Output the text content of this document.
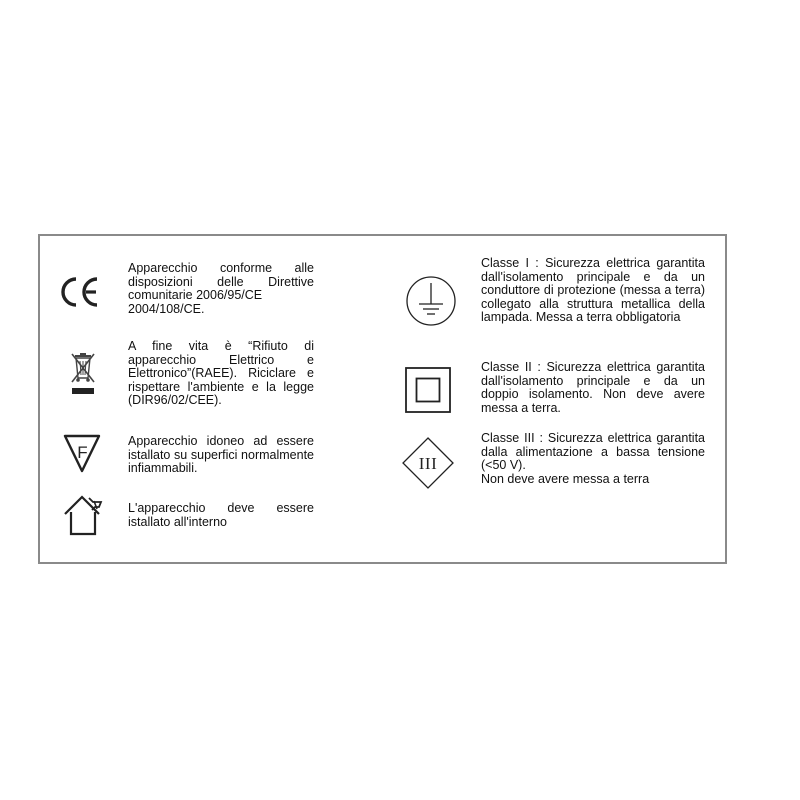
Apparecchio conforme alle disposizioni delle Direttive comunitarie 2006/95/CE
2004/108/CE.

A fine vita è “Rifiuto di apparecchio Elettrico e Elettronico”(RAEE). Riciclare e rispettare l'ambiente e la legge (DIR96/02/CEE).

F

Apparecchio idoneo ad essere istallato su superfici normalmente infiammabili.

L'apparecchio deve essere istallato all'interno

Classe I : Sicurezza elettrica garantita dall'isolamento principale e da un conduttore di protezione (messa a terra) collegato alla struttura metallica della lampada. Messa a terra obbligatoria

Classe II : Sicurezza elettrica garantita dall'isolamento principale e da un doppio isolamento. Non deve avere messa a terra.

III

Classe III : Sicurezza elettrica garantita dalla alimentazione a bassa tensione (<50 V).
Non deve avere messa a terra
